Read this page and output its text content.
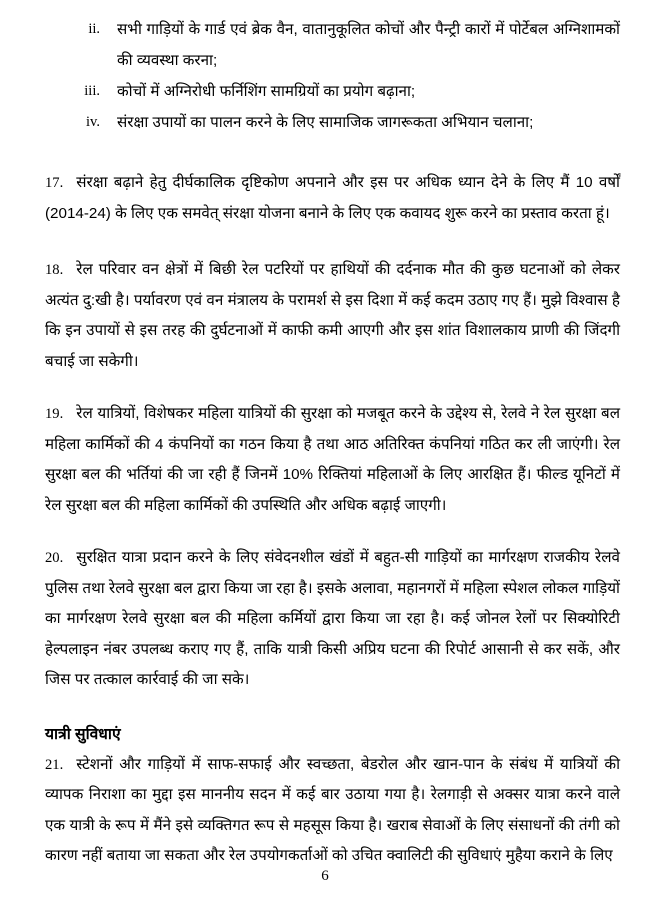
ii. सभी गाड़ियों के गार्ड एवं ब्रेक वैन, वातानुकूलित कोचों और पैन्ट्री कारों में पोर्टेबल अग्निशामकों की व्यवस्था करना;
iii. कोचों में अग्निरोधी फर्निशिंग सामग्रियों का प्रयोग बढ़ाना;
iv. संरक्षा उपायों का पालन करने के लिए सामाजिक जागरूकता अभियान चलाना;

17. संरक्षा बढ़ाने हेतु दीर्घकालिक दृष्टिकोण अपनाने और इस पर अधिक ध्यान देने के लिए मैं 10 वर्षों (2014-24) के लिए एक समवेत् संरक्षा योजना बनाने के लिए एक कवायद शुरू करने का प्रस्ताव करता हूं।

18. रेल परिवार वन क्षेत्रों में बिछी रेल पटरियों पर हाथियों की दर्दनाक मौत की कुछ घटनाओं को लेकर अत्यंत दु:खी है। पर्यावरण एवं वन मंत्रालय के परामर्श से इस दिशा में कई कदम उठाए गए हैं। मुझे विश्वास है कि इन उपायों से इस तरह की दुर्घटनाओं में काफी कमी आएगी और इस शांत विशालकाय प्राणी की जिंदगी बचाई जा सकेगी।

19. रेल यात्रियों, विशेषकर महिला यात्रियों की सुरक्षा को मजबूत करने के उद्देश्य से, रेलवे ने रेल सुरक्षा बल महिला कार्मिकों की 4 कंपनियों का गठन किया है तथा आठ अतिरिक्त कंपनियां गठित कर ली जाएंगी। रेल सुरक्षा बल की भर्तियां की जा रही हैं जिनमें 10% रिक्तियां महिलाओं के लिए आरक्षित हैं। फील्ड यूनिटों में रेल सुरक्षा बल की महिला कार्मिकों की उपस्थिति और अधिक बढ़ाई जाएगी।

20. सुरक्षित यात्रा प्रदान करने के लिए संवेदनशील खंडों में बहुत-सी गाड़ियों का मार्गरक्षण राजकीय रेलवे पुलिस तथा रेलवे सुरक्षा बल द्वारा किया जा रहा है। इसके अलावा, महानगरों में महिला स्पेशल लोकल गाड़ियों का मार्गरक्षण रेलवे सुरक्षा बल की महिला कर्मियों द्वारा किया जा रहा है। कई जोनल रेलों पर सिक्योरिटी हेल्पलाइन नंबर उपलब्ध कराए गए हैं, ताकि यात्री किसी अप्रिय घटना की रिपोर्ट आसानी से कर सकें, और जिस पर तत्काल कार्रवाई की जा सके।

यात्री सुविधाएं

21. स्टेशनों और गाड़ियों में साफ-सफाई और स्वच्छता, बेडरोल और खान-पान के संबंध में यात्रियों की व्यापक निराशा का मुद्दा इस माननीय सदन में कई बार उठाया गया है। रेलगाड़ी से अक्सर यात्रा करने वाले एक यात्री के रूप में मैंने इसे व्यक्तिगत रूप से महसूस किया है। खराब सेवाओं के लिए संसाधनों की तंगी को कारण नहीं बताया जा सकता और रेल उपयोगकर्ताओं को उचित क्वालिटी की सुविधाएं मुहैया कराने के लिए

6
